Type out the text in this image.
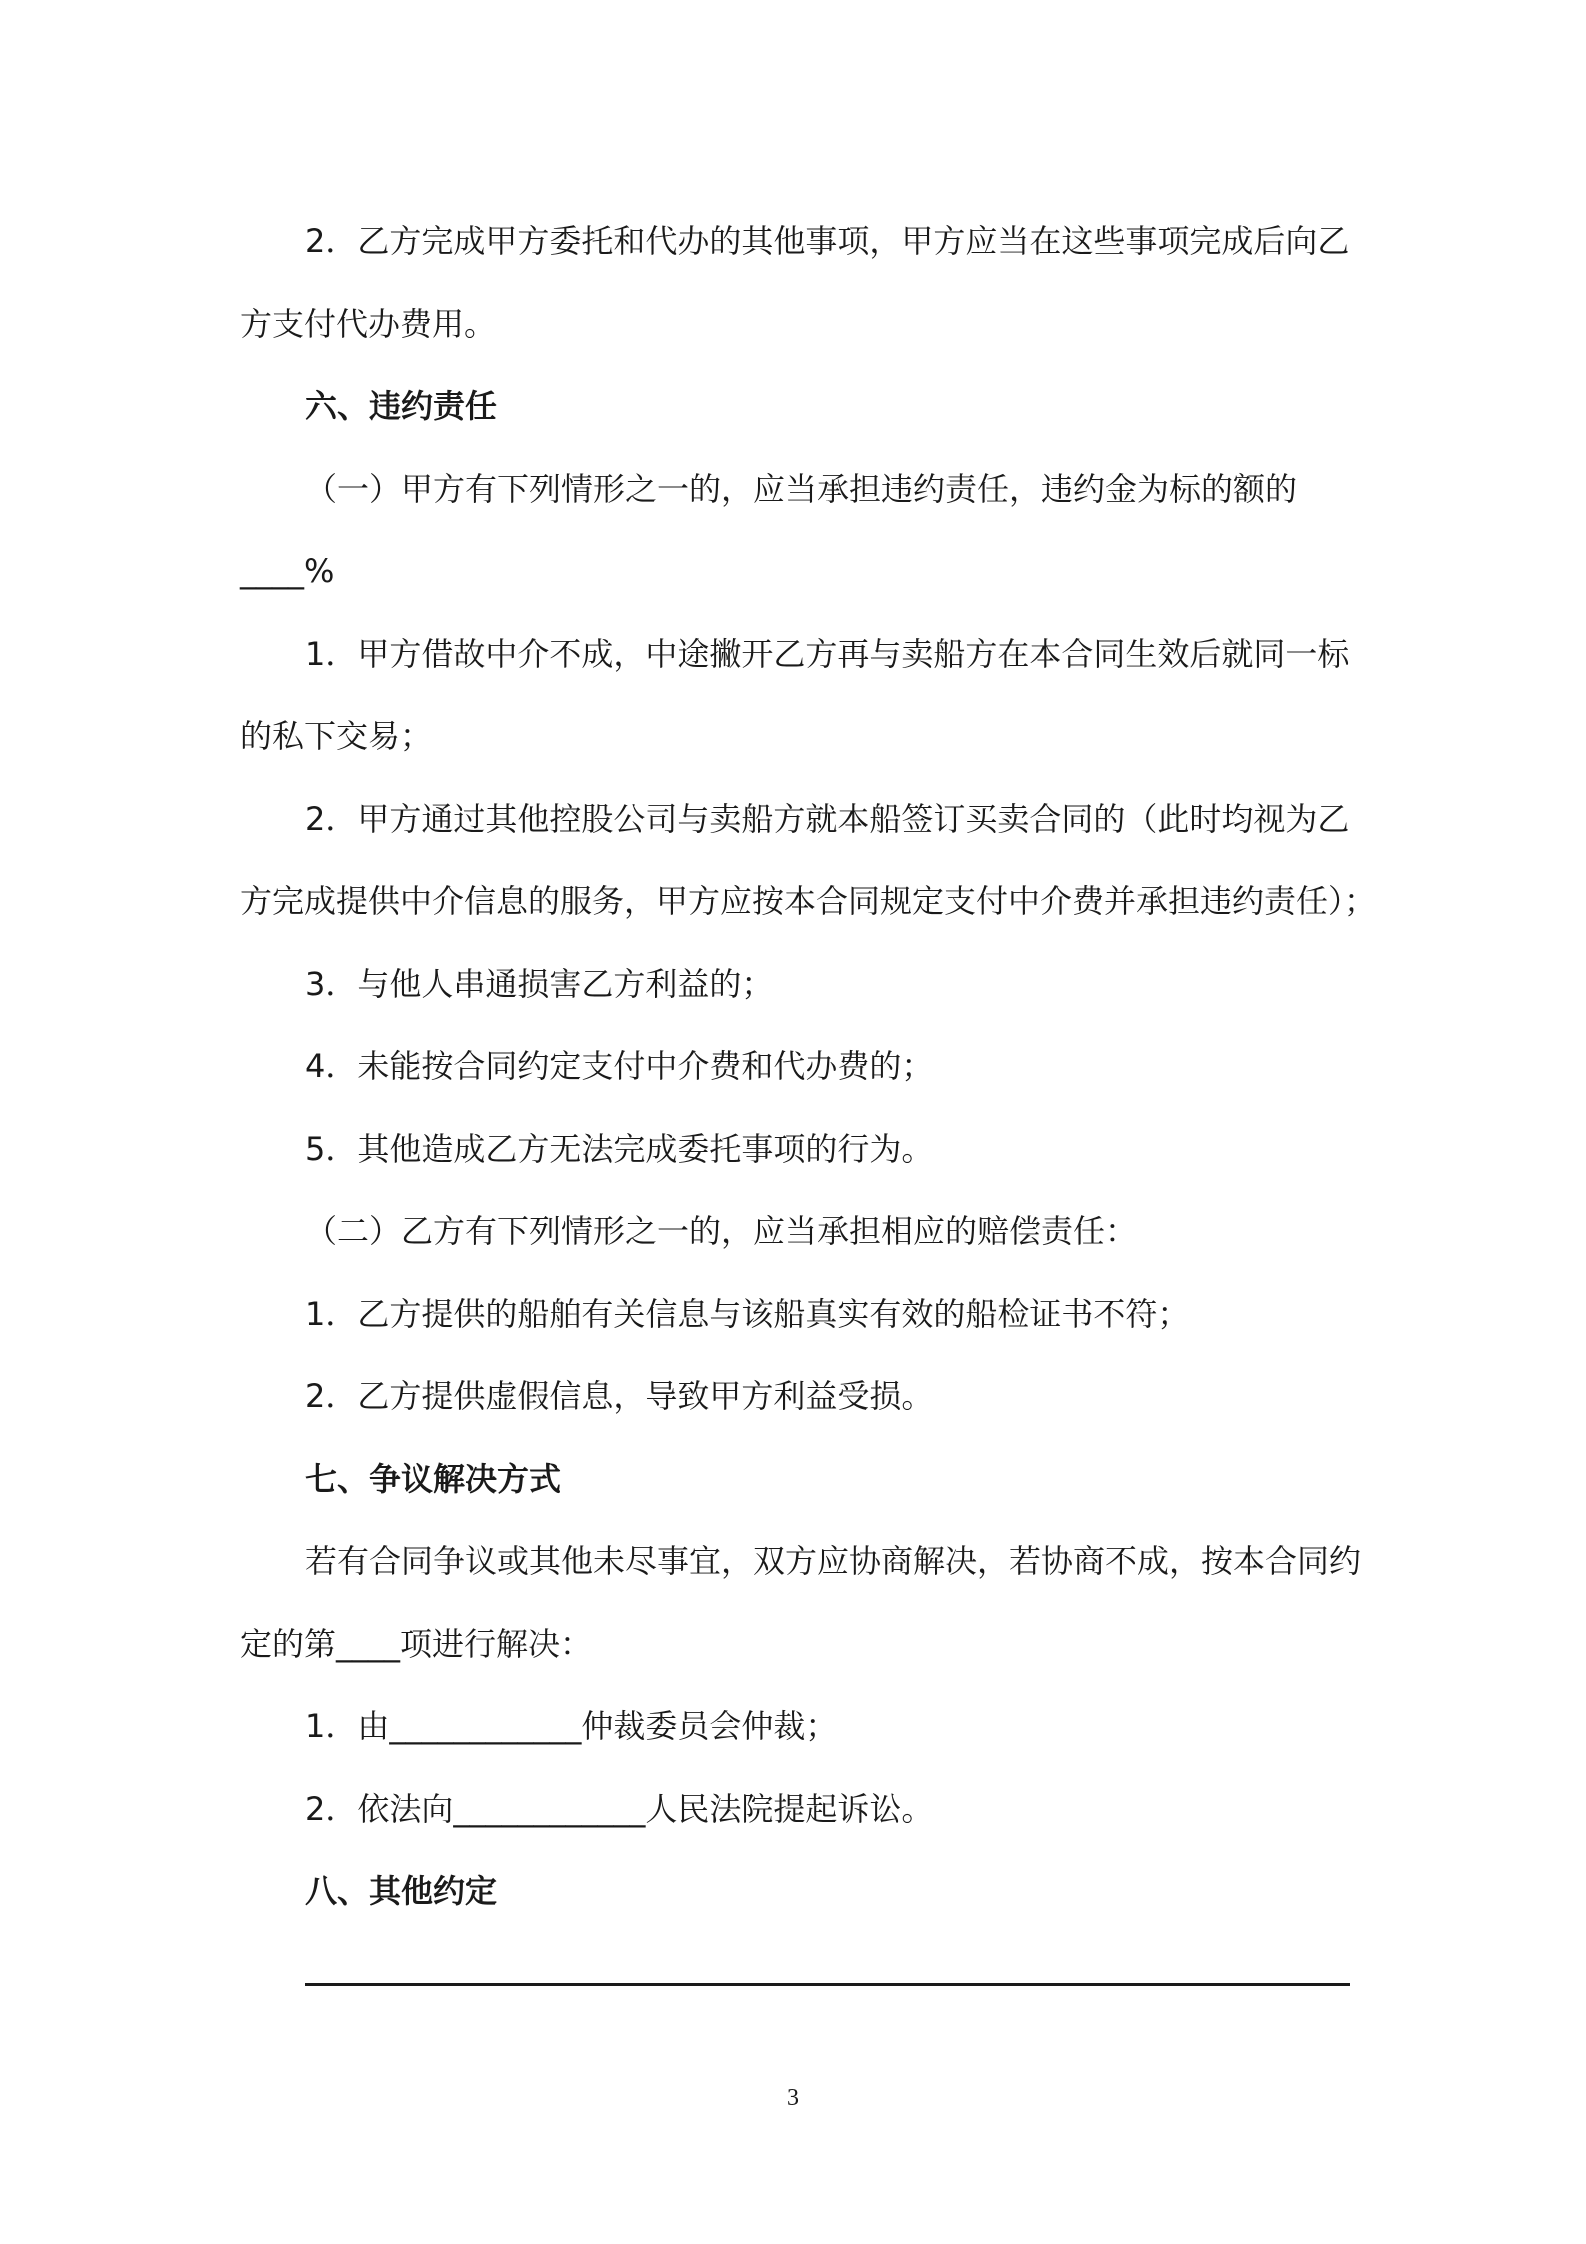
2．乙方完成甲方委托和代办的其他事项，甲方应当在这些事项完成后向乙

方支付代办费用。

六、违约责任

（一）甲方有下列情形之一的，应当承担违约责任，违约金为标的额的

____%

1．甲方借故中介不成，中途撇开乙方再与卖船方在本合同生效后就同一标

的私下交易；

2．甲方通过其他控股公司与卖船方就本船签订买卖合同的（此时均视为乙

方完成提供中介信息的服务，甲方应按本合同规定支付中介费并承担违约责任）；

3．与他人串通损害乙方利益的；

4．未能按合同约定支付中介费和代办费的；

5．其他造成乙方无法完成委托事项的行为。

（二）乙方有下列情形之一的，应当承担相应的赔偿责任：

1．乙方提供的船舶有关信息与该船真实有效的船检证书不符；

2．乙方提供虚假信息，导致甲方利益受损。

七、争议解决方式

若有合同争议或其他未尽事宜，双方应协商解决，若协商不成，按本合同约

定的第____项进行解决：

1．由____________仲裁委员会仲裁；

2．依法向____________人民法院提起诉讼。

八、其他约定

3
